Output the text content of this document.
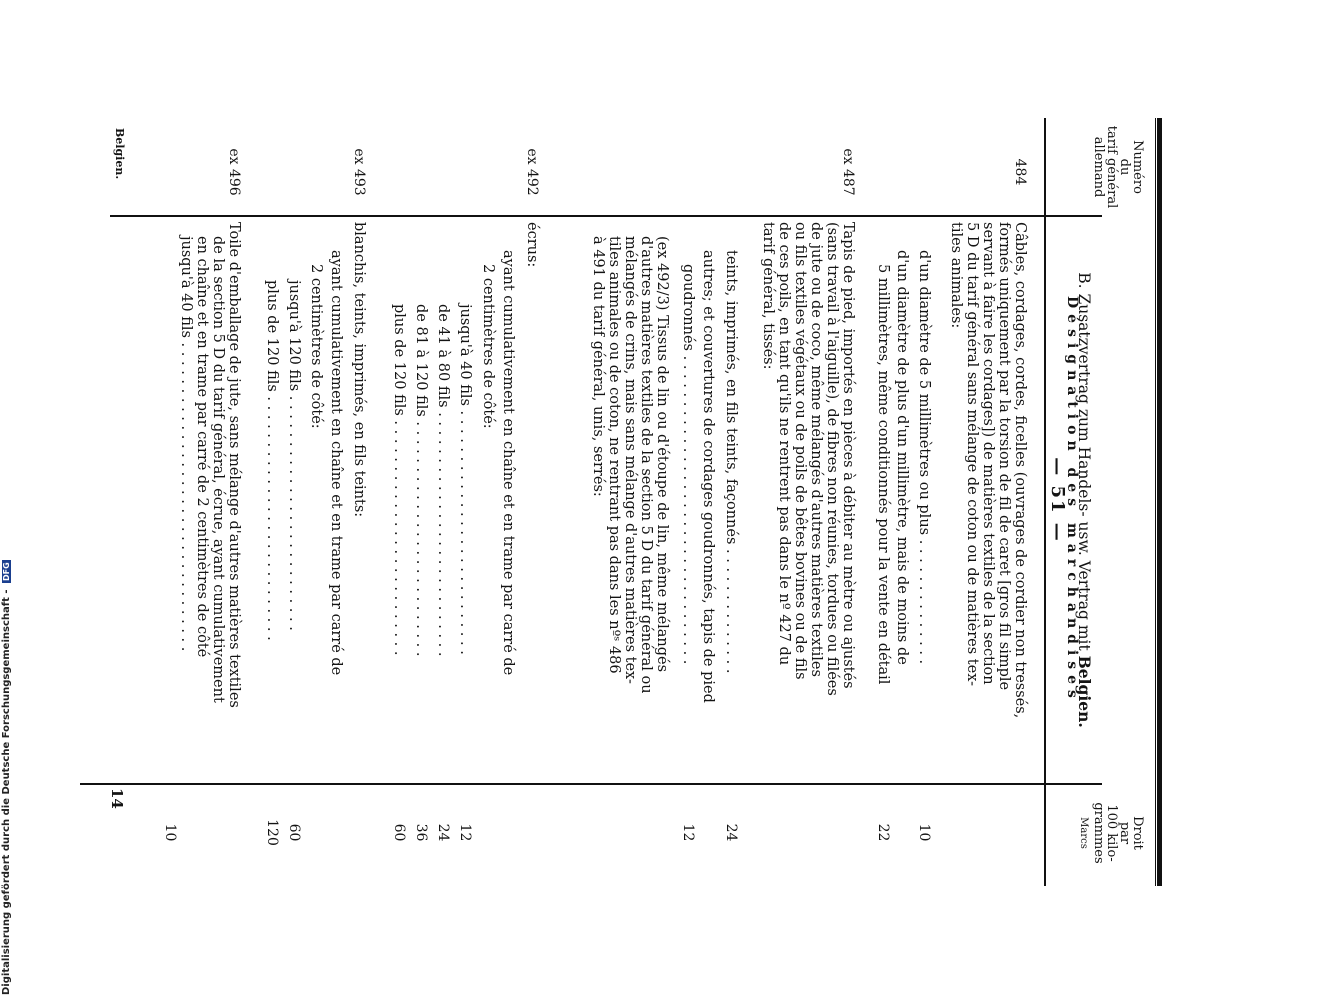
B. Zusatzvertrag zum Handels- usw. Vertrag mit Belgien.
— 51 —
Numéro
du
tarif général
allemand
Désignation des marchandises
Droit
par
100 kilo-
grammes
Marcs
484
Câbles, cordages, cordes, ficelles (ouvrages de cordier non tressés,
formés uniquement par la torsion de fil de caret [gros fil simple
servant à faire les cordages]) de matières textiles de la section
5 D du tarif général sans mélange de coton ou de matières tex-
tiles animales:
d'un diamètre de 5 millimètres ou plus . . . . . . . . . . . . . .
10
d'un diamètre de plus d'un millimètre, mais de moins de
5 millimètres, même conditionnés pour la vente en détail
22
ex 487
Tapis de pied, importés en pièces à débiter au mètre ou ajustés
(sans travail à l'aiguille), de fibres non réunies, tordues ou filées
de jute ou de coco, même mélangés d'autres matières textiles
ou fils textiles végétaux ou de poils de bêtes bovines ou de fils
de ces poils, en tant qu'ils ne rentrent pas dans le nº 427 du
tarif général, tissés:
teints, imprimés, en fils teints, façonnés . . . . . . . . . . . . . .
24
autres; et couvertures de cordages goudronnés, tapis de pied
goudronnés . . . . . . . . . . . . . . . . . . . . . . . . . . . . . . . . . .
12
(ex 492/3) Tissus de lin ou d'étoupe de lin, même mélangés
d'autres matières textiles de la section 5 D du tarif général ou
mélangés de crins, mais sans mélange d'autres matières tex-
tiles animales ou de coton, ne rentrant pas dans les nºˢ 486
à 491 du tarif général, unis, serrés:
ex 492
écrus:
ayant cumulativement en chaîne et en trame par carré de
2 centimètres de côté:
jusqu'à 40 fils . . . . . . . . . . . . . . . . . . . . . . . . . . .
12
de 41 à 80 fils . . . . . . . . . . . . . . . . . . . . . . . . . . .
24
de 81 à 120 fils . . . . . . . . . . . . . . . . . . . . . . . . . .
36
plus de 120 fils . . . . . . . . . . . . . . . . . . . . . . . . . .
60
ex 493
blanchis, teints, imprimés, en fils teints:
ayant cumulativement en chaîne et en trame par carré de
2 centimètres de côté:
jusqu'à 120 fils . . . . . . . . . . . . . . . . . . . . . . . . . .
60
plus de 120 fils . . . . . . . . . . . . . . . . . . . . . . . . . . .
120
ex 496
Toile d'emballage de jute, sans mélange d'autres matières textiles
de la section 5 D du tarif général, écrue, ayant cumulativement
en chaîne et en trame par carré de 2 centimètres de côté
jusqu'à 40 fils . . . . . . . . . . . . . . . . . . . . . . . . . . . . . . . . . .
10
14
Belgien.
Digitalisierung gefördert durch die Deutsche Forschungsgemeinschaft - DFG
